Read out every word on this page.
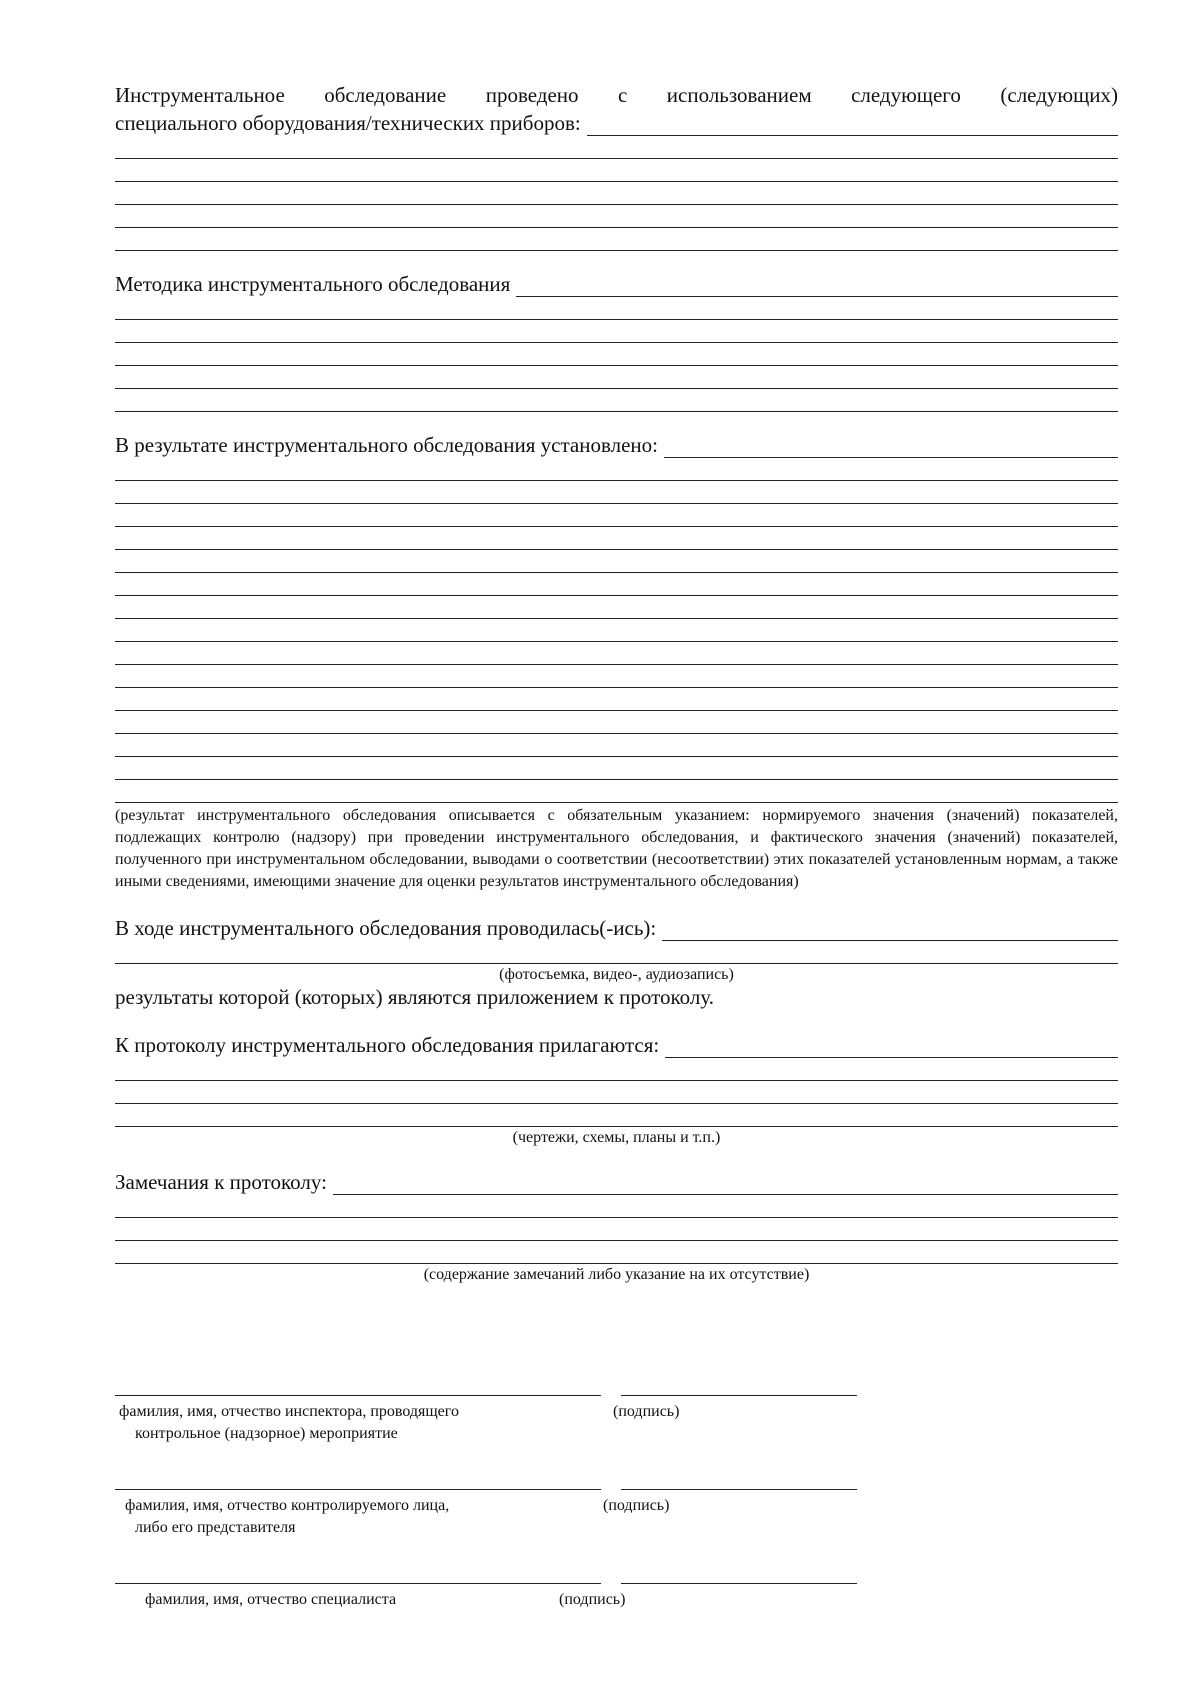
Инструментальное обследование проведено с использованием следующего (следующих)
специального оборудования/технических приборов:
Методика инструментального обследования
В результате инструментального обследования установлено:
(результат инструментального обследования описывается с обязательным указанием: нормируемого значения (значений) показателей, подлежащих контролю (надзору) при проведении инструментального обследования, и фактического значения (значений) показателей, полученного при инструментальном обследовании, выводами о соответствии (несоответствии) этих показателей установленным нормам, а также иными сведениями, имеющими значение для оценки результатов инструментального обследования)
В ходе инструментального обследования проводилась(-ись):
(фотосъемка, видео-, аудиозапись)
результаты которой (которых) являются приложением к протоколу.
К протоколу инструментального обследования прилагаются:
(чертежи, схемы, планы и т.п.)
Замечания к протоколу:
(содержание замечаний либо указание на их отсутствие)
фамилия, имя, отчество инспектора, проводящего
контрольное (надзорное) мероприятие
(подпись)
фамилия, имя, отчество контролируемого лица,
либо его представителя
(подпись)
фамилия, имя, отчество специалиста	(подпись)
